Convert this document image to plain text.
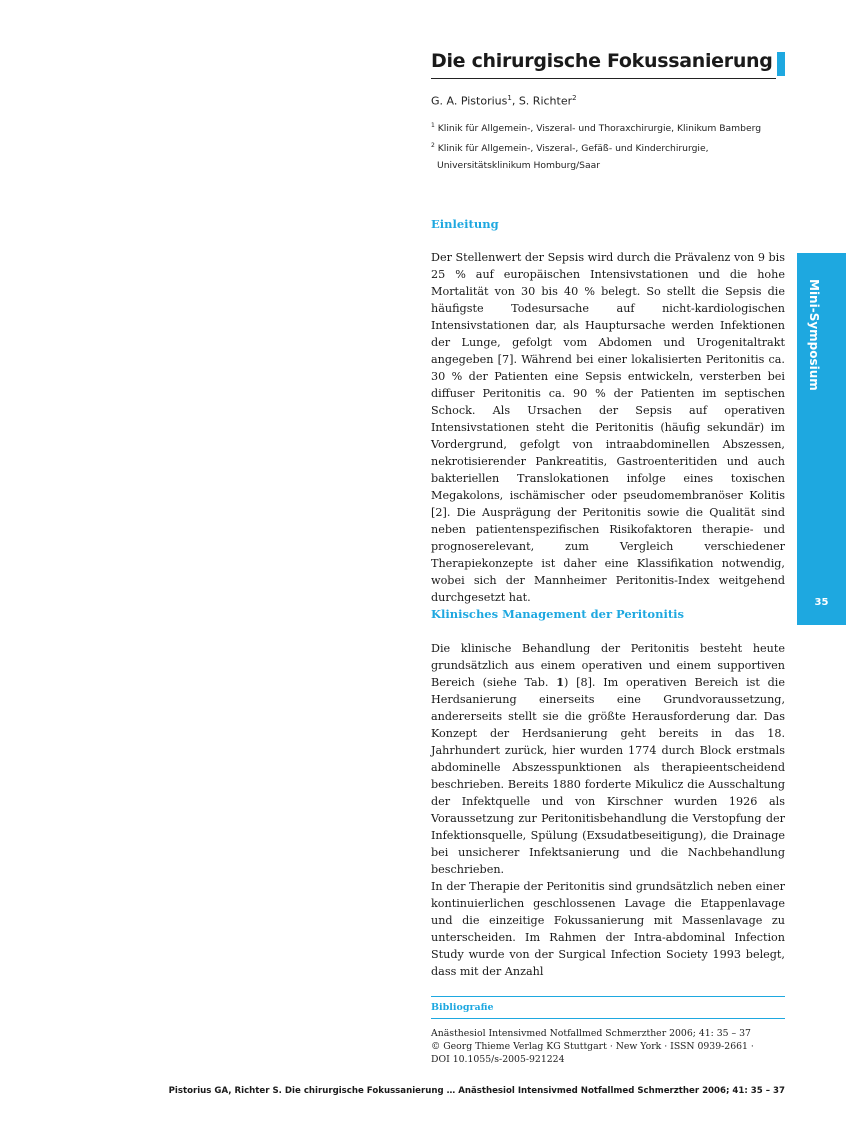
Die chirurgische Fokussanierung
G. A. Pistorius$^1$, S. Richter$^2$
$^1$ Klinik für Allgemein-, Viszeral- und Thoraxchirurgie, Klinikum Bamberg
$^2$ Klinik für Allgemein-, Viszeral-, Gefäß- und Kinderchirurgie,
Universitätsklinikum Homburg/Saar
Einleitung

Der Stellenwert der Sepsis wird durch die Prävalenz von 9 bis 25 % auf europäischen Intensivstationen und die hohe Mortalität von 30 bis 40 % belegt. So stellt die Sepsis die häufigste Todesursache auf nicht-kardiologischen Intensivstationen dar, als Hauptursache werden Infektionen der Lunge, gefolgt vom Abdomen und Urogenitaltrakt angegeben [7]. Während bei einer lokalisierten Peritonitis ca. 30 % der Patienten eine Sepsis entwickeln, versterben bei diffuser Peritonitis ca. 90 % der Patienten im septischen Schock. Als Ursachen der Sepsis auf operativen Intensivstationen steht die Peritonitis (häufig sekundär) im Vordergrund, gefolgt von intraabdominellen Abszessen, nekrotisierender Pankreatitis, Gastroenteritiden und auch bakteriellen Translokationen infolge eines toxischen Megakolons, ischämischer oder pseudomembranöser Kolitis [2]. Die Ausprägung der Peritonitis sowie die Qualität sind neben patientenspezifischen Risikofaktoren therapie- und prognoserelevant, zum Vergleich verschiedener Therapiekonzepte ist daher eine Klassifikation notwendig, wobei sich der Mannheimer Peritonitis-Index weitgehend durchgesetzt hat.

Klinisches Management der Peritonitis

Die klinische Behandlung der Peritonitis besteht heute grundsätzlich aus einem operativen und einem supportiven Bereich (siehe Tab. 1) [8]. Im operativen Bereich ist die Herdsanierung einerseits eine Grundvoraussetzung, andererseits stellt sie die größte Herausforderung dar. Das Konzept der Herdsanierung geht bereits in das 18. Jahrhundert zurück, hier wurden 1774 durch Block erstmals abdominelle Abszesspunktionen als therapieentscheidend beschrieben. Bereits 1880 forderte Mikulicz die Ausschaltung der Infektquelle und von Kirschner wurden 1926 als Voraussetzung zur Peritonitisbehandlung die Verstopfung der Infektionsquelle, Spülung (Exsudatbeseitigung), die Drainage bei unsicherer Infektsanierung und die Nachbehandlung beschrieben.

In der Therapie der Peritonitis sind grundsätzlich neben einer kontinuierlichen geschlossenen Lavage die Etappenlavage und die einzeitige Fokussanierung mit Massenlavage zu unterscheiden. Im Rahmen der Intra-abdominal Infection Study wurde von der Surgical Infection Society 1993 belegt, dass mit der Anzahl

Mini-Symposium
35
Bibliografie
Anästhesiol Intensivmed Notfallmed Schmerzther 2006; 41: 35 – 37
© Georg Thieme Verlag KG Stuttgart · New York · ISSN 0939-2661 ·
DOI 10.1055/s-2005-921224
Pistorius GA, Richter S. Die chirurgische Fokussanierung … Anästhesiol Intensivmed Notfallmed Schmerzther 2006; 41: 35 – 37
